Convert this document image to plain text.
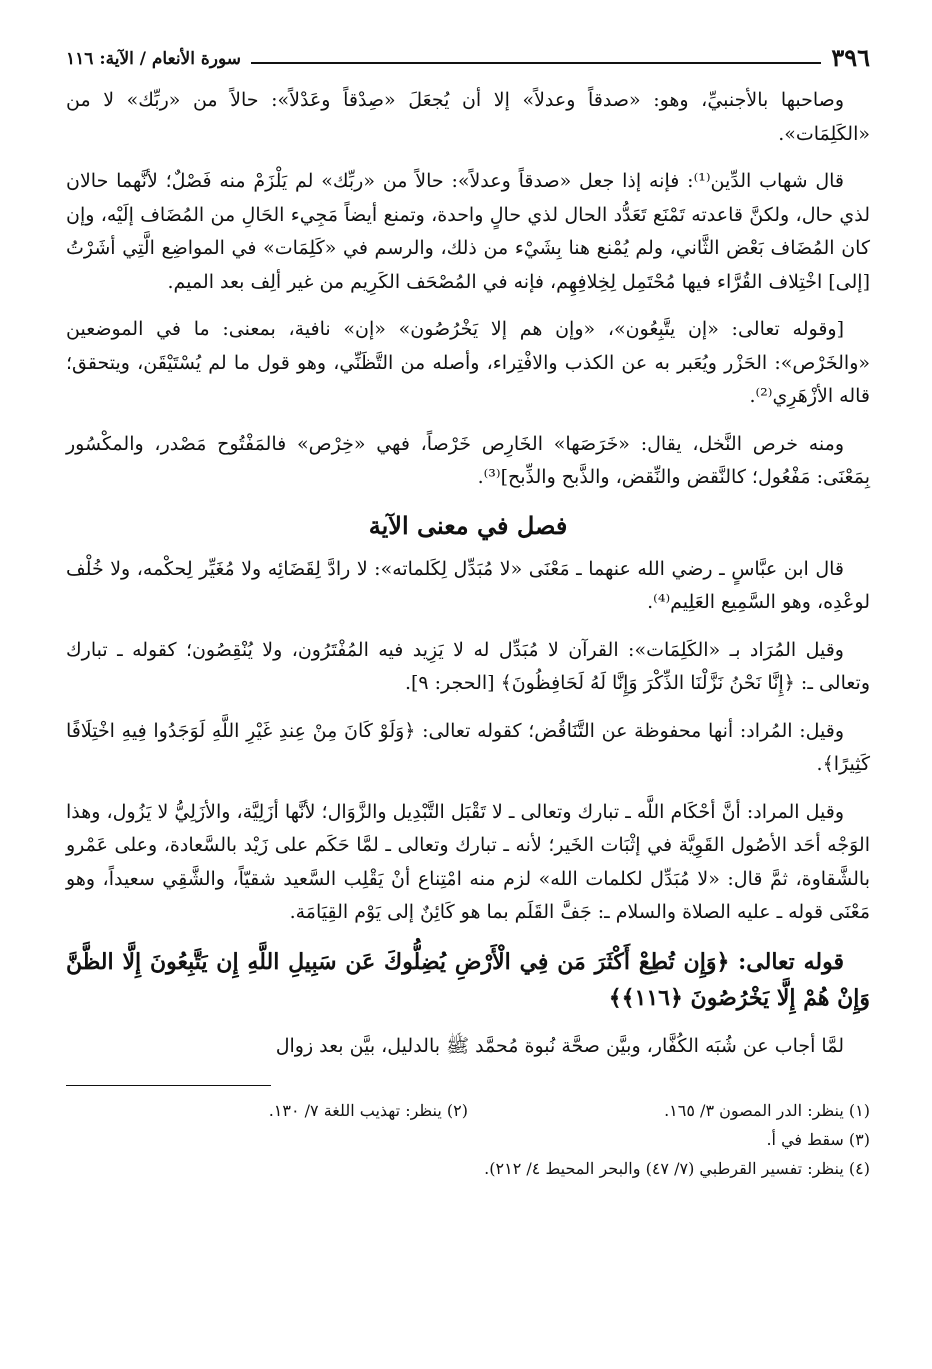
٣٩٦
سورة الأنعام / الآية: ١١٦

وصاحبها بالأجنبيِّ، وهو: «صدقاً وعدلاً» إلا أن يُجعَلَ «صِدْقاً وعَدْلاً»: حالاً من «ربِّك» لا من «الكَلِمَات».

قال شهاب الدِّين⁽¹⁾: فإنه إذا جعل «صدقاً وعدلاً»: حالاً من «ربِّك» لم يَلْزَمْ منه فَصْلٌ؛ لأنَّهما حالان لذي حال، ولكنَّ قاعدته تَمْنَع تَعَدُّد الحال لذي حالٍ واحدة، وتمنع أيضاً مَجِيء الحَالِ من المُضَاف إلَيْه، وإن كان المُضَاف بَعْض الثَّاني، ولم يُمْنع هنا بِشَيْء من ذلك، والرسم في «كَلِمَات» في المواضِع الَّتِي أشَرْتُ [إلى] اخْتِلاف القُرَّاء فيها مُحْتَمِل لِخِلافِهِم، فإنه في المُصْحَف الكَرِيم من غير ألِف بعد الميم.

[وقوله تعالى: «إن يتَّبِعُون»، «وإن هم إلا يَخْرُصُون» «إن» نافية، بمعنى: ما في الموضعين «والخَرْص»: الحَزْر ويُعَبر به عن الكذب والافْتِراء، وأصله من التَّظَنِّي، وهو قول ما لم يُسْتَيْقَن، ويتحقق؛ قاله الأزْهَرِي⁽²⁾.

ومنه خرص النَّخل، يقال: «خَرَصَها» الخَارِص خَرْصاً، فهي «خِرْص» فالمَفْتُوح مَصْدر، والمكْسُور بِمَعْنَى: مَفْعُول؛ كالنَّقض والنِّقض، والذَّبح والذِّبح]⁽³⁾.

فصل في معنى الآية

قال ابن عبَّاسٍ ـ رضي الله عنهما ـ مَعْنَى «لا مُبَدِّل لِكَلماته»: لا رادَّ لِقَضَائِه ولا مُغَيِّر لِحكْمه، ولا خُلْف لوعْدِه، وهو السَّمِيع العَلِيم⁽⁴⁾.

وقيل المُرَاد بـ «الكَلِمَات»: القرآن لا مُبَدِّل له لا يَزِيد فيه المُفْتَرُون، ولا يُنْقِصُون؛ كقوله ـ تبارك وتعالى ـ: ﴿إِنَّا نَحْنُ نَزَّلْنَا الذِّكْرَ وَإِنَّا لَهُ لَحَافِظُونَ﴾ [الحجر: ٩].

وقيل: المُراد: أنها محفوظة عن التَّنَاقُض؛ كقوله تعالى: ﴿وَلَوْ كَانَ مِنْ عِندِ غَيْرِ اللَّهِ لَوَجَدُوا فِيهِ اخْتِلَافًا كَثِيرًا﴾.

وقيل المراد: أنَّ أحْكَام اللَّه ـ تبارك وتعالى ـ لا تَقْبَل التَّبْدِيل والزَّوَال؛ لأنَّها أزَلِيَّة، والأزَلِيُّ لا يَزُول، وهذا الوَجْه أحَد الأصُول القَوِيَّة في إثْبَات الخَير؛ لأنه ـ تبارك وتعالى ـ لمَّا حَكَم على زَيْد بالسَّعادة، وعلى عَمْرو بالشَّقاوة، ثمَّ قال: «لا مُبَدِّل لكلمات الله» لزم منه امْتِناع أنْ يَقْلِب السَّعيد شقيّاً، والشَّقِي سعيداً، وهو مَعْنَى قوله ـ عليه الصلاة والسلام ـ: جَفَّ القَلَم بما هو كَائِنٌ إلى يَوْم القِيَامَة.

قوله تعالى: ﴿وَإِن تُطِعْ أَكْثَرَ مَن فِي الْأَرْضِ يُضِلُّوكَ عَن سَبِيلِ اللَّهِ إِن يَتَّبِعُونَ إِلَّا الظَّنَّ وَإِنْ هُمْ إِلَّا يَخْرُصُونَ ﴿١١٦﴾﴾

لمَّا أجاب عن شُبَه الكُفَّار، وبيَّن صحَّة نُبوة مُحمَّد ﷺ بالدليل، بيَّن بعد زوال

(١) ينظر: الدر المصون ٣/ ١٦٥.
(٢) ينظر: تهذيب اللغة ٧/ ١٣٠.
(٣) سقط في أ.
(٤) ينظر: تفسير القرطبي (٧/ ٤٧) والبحر المحيط ٤/ ٢١٢).
